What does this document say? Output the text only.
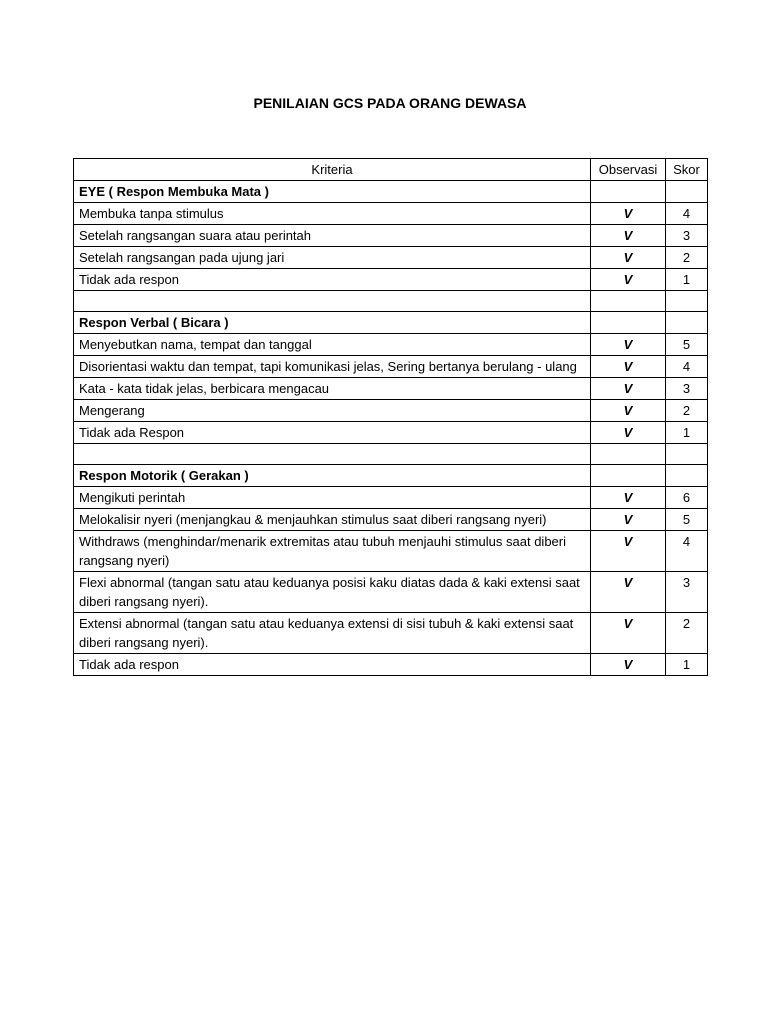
PENILAIAN GCS PADA ORANG DEWASA
Kriteria	Observasi	Skor
EYE ( Respon Membuka Mata )		
Membuka tanpa stimulus	V	4
Setelah rangsangan suara atau perintah	V	3
Setelah rangsangan pada ujung jari	V	2
Tidak ada respon	V	1

Respon Verbal ( Bicara )		
Menyebutkan nama, tempat dan tanggal	V	5
Disorientasi waktu dan tempat, tapi komunikasi jelas, Sering bertanya berulang - ulang	V	4
Kata - kata tidak jelas, berbicara mengacau	V	3
Mengerang	V	2
Tidak ada Respon	V	1

Respon Motorik ( Gerakan )		
Mengikuti perintah	V	6
Melokalisir nyeri (menjangkau & menjauhkan stimulus saat diberi rangsang nyeri)	V	5
Withdraws (menghindar/menarik extremitas atau tubuh menjauhi stimulus saat diberi rangsang nyeri)	V	4
Flexi abnormal (tangan satu atau keduanya posisi kaku diatas dada & kaki extensi saat diberi rangsang nyeri).	V	3
Extensi abnormal (tangan satu atau keduanya extensi di sisi tubuh & kaki extensi saat diberi rangsang nyeri).	V	2
Tidak ada respon	V	1
